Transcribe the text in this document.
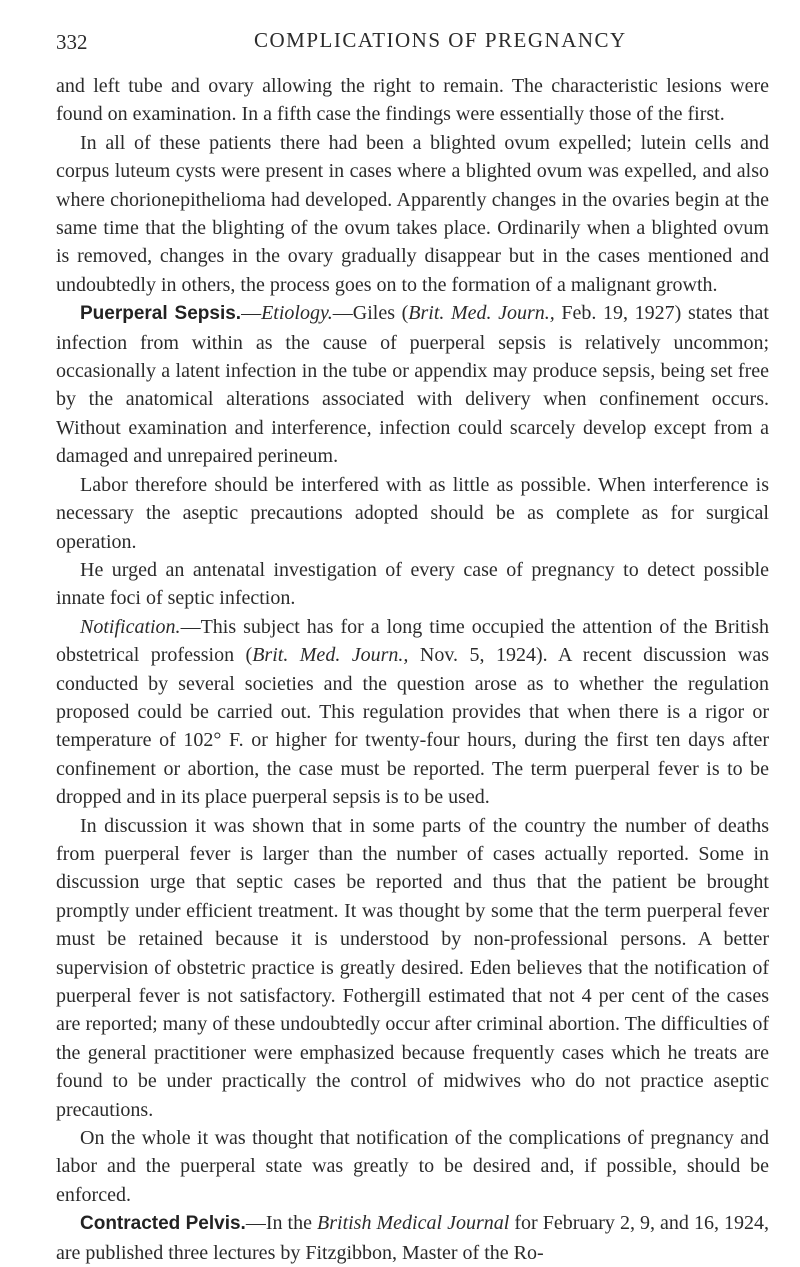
332	COMPLICATIONS OF PREGNANCY

and left tube and ovary allowing the right to remain. The characteristic lesions were found on examination. In a fifth case the findings were essentially those of the first.

In all of these patients there had been a blighted ovum expelled; lutein cells and corpus luteum cysts were present in cases where a blighted ovum was expelled, and also where chorionepithelioma had developed. Apparently changes in the ovaries begin at the same time that the blighting of the ovum takes place. Ordinarily when a blighted ovum is removed, changes in the ovary gradually disappear but in the cases mentioned and undoubtedly in others, the process goes on to the formation of a malignant growth.

Puerperal Sepsis.—Etiology.—Giles (Brit. Med. Journ., Feb. 19, 1927) states that infection from within as the cause of puerperal sepsis is relatively uncommon; occasionally a latent infection in the tube or appendix may produce sepsis, being set free by the anatomical alterations associated with delivery when confinement occurs. Without examination and interference, infection could scarcely develop except from a damaged and unrepaired perineum.

Labor therefore should be interfered with as little as possible. When interference is necessary the aseptic precautions adopted should be as complete as for surgical operation.

He urged an antenatal investigation of every case of pregnancy to detect possible innate foci of septic infection.

Notification.—This subject has for a long time occupied the attention of the British obstetrical profession (Brit. Med. Journ., Nov. 5, 1924). A recent discussion was conducted by several societies and the question arose as to whether the regulation proposed could be carried out. This regulation provides that when there is a rigor or temperature of 102° F. or higher for twenty-four hours, during the first ten days after confinement or abortion, the case must be reported. The term puerperal fever is to be dropped and in its place puerperal sepsis is to be used.

In discussion it was shown that in some parts of the country the number of deaths from puerperal fever is larger than the number of cases actually reported. Some in discussion urge that septic cases be reported and thus that the patient be brought promptly under efficient treatment. It was thought by some that the term puerperal fever must be retained because it is understood by non-professional persons. A better supervision of obstetric practice is greatly desired. Eden believes that the notification of puerperal fever is not satisfactory. Fothergill estimated that not 4 per cent of the cases are reported; many of these undoubtedly occur after criminal abortion. The difficulties of the general practitioner were emphasized because frequently cases which he treats are found to be under practically the control of midwives who do not practice aseptic precautions.

On the whole it was thought that notification of the complications of pregnancy and labor and the puerperal state was greatly to be desired and, if possible, should be enforced.

Contracted Pelvis.—In the British Medical Journal for February 2, 9, and 16, 1924, are published three lectures by Fitzgibbon, Master of the Ro-
